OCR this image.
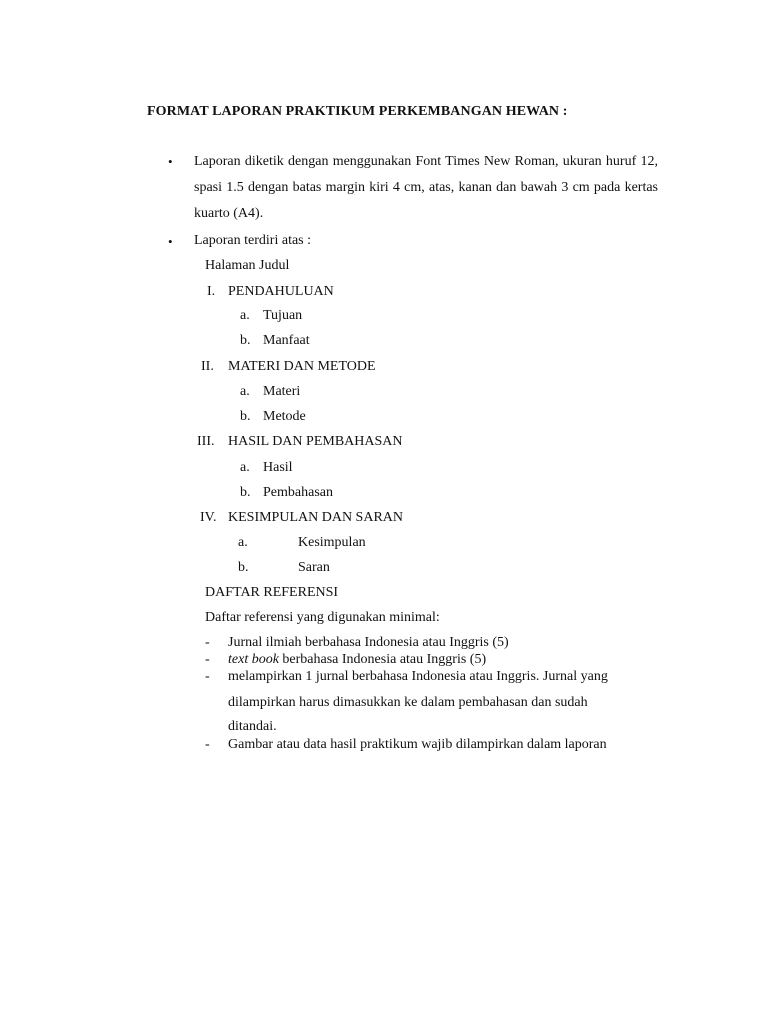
FORMAT LAPORAN PRAKTIKUM PERKEMBANGAN HEWAN :
• Laporan diketik dengan menggunakan Font Times New Roman, ukuran huruf 12, spasi 1.5 dengan batas margin kiri 4 cm, atas, kanan dan bawah 3 cm pada kertas kuarto (A4).
• Laporan terdiri atas :
Halaman Judul
I. PENDAHULUAN
a. Tujuan
b. Manfaat
II. MATERI DAN METODE
a. Materi
b. Metode
III. HASIL DAN PEMBAHASAN
a. Hasil
b. Pembahasan
IV. KESIMPULAN DAN SARAN
a.	Kesimpulan
b.	Saran
DAFTAR REFERENSI
Daftar referensi yang digunakan minimal:
- Jurnal ilmiah berbahasa Indonesia atau Inggris (5)
- text book berbahasa Indonesia atau Inggris (5)
- melampirkan 1 jurnal berbahasa Indonesia atau Inggris. Jurnal yang
dilampirkan harus dimasukkan ke dalam pembahasan dan sudah
ditandai.
- Gambar atau data hasil praktikum wajib dilampirkan dalam laporan
